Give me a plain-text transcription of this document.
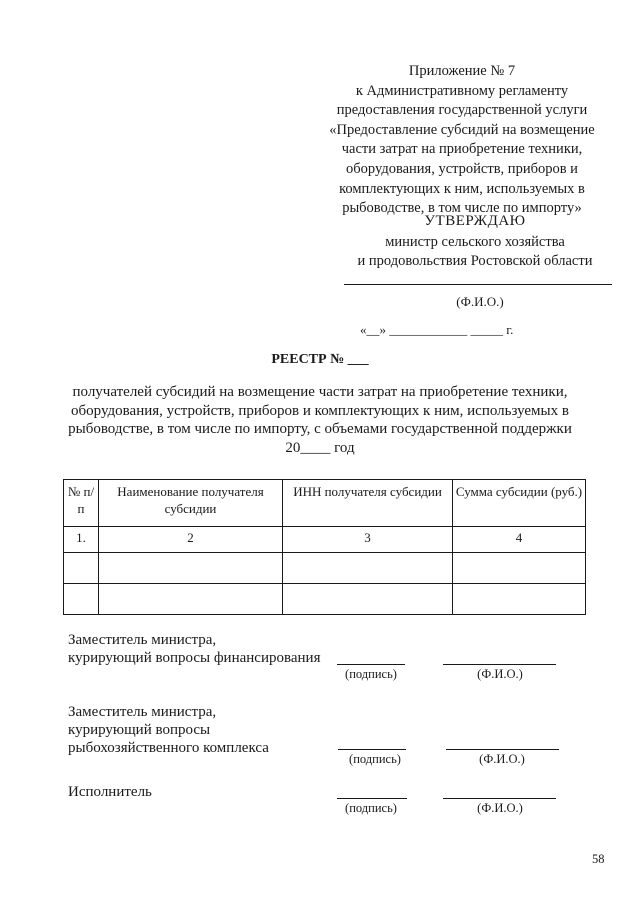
Приложение № 7
к Административному регламенту
предоставления государственной услуги
«Предоставление субсидий на возмещение
части затрат на приобретение техники,
оборудования, устройств, приборов и
комплектующих к ним, используемых в
рыбоводстве, в том числе по импорту»
УТВЕРЖДАЮ
министр сельского хозяйства
и продовольствия Ростовской области
(Ф.И.О.)
«__» ____________ _____ г.
РЕЕСТР № ___
получателей субсидий на возмещение части затрат на приобретение техники,
оборудования, устройств, приборов и комплектующих к ним, используемых в
рыбоводстве, в том числе по импорту, с объемами государственной поддержки
20____ год
№ п/п	Наименование получателя субсидии	ИНН получателя субсидии	Сумма субсидии (руб.)
1.	2	3	4

Заместитель министра,
курирующий вопросы финансирования
(подпись)	(Ф.И.О.)
Заместитель министра,
курирующий вопросы
рыбохозяйственного комплекса
(подпись)	(Ф.И.О.)
Исполнитель
(подпись)	(Ф.И.О.)
58
